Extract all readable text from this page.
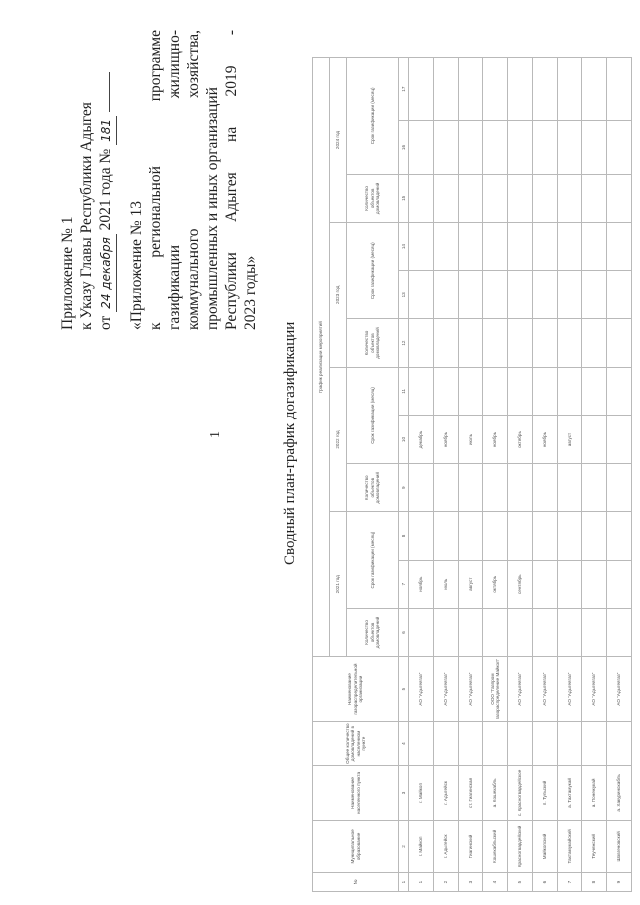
1
Приложение № 1 к Указу Главы Республики Адыгея от 24 декабря 2021 года № 181
«Приложение № 13 к региональной программе
газификации жилищно-
коммунального хозяйства,
промышленных и иных организаций Республики Адыгея на 2019 -
2023 годы»
Сводный план-график догазификации
№	Муниципальное образование	Наименование населенного пункта	Общее количество домовладений в населенном пункте	Наименование газораспределительной организации	График реализации мероприятий											
					2021 год			2022 год			2023 год			2024 год		
					Количество объектов домовладений	Срок газификации (месяц)		Количество объектов домовладений	Срок газификации (месяц)		Количество объектов домовладений	Срок газификации (месяц)		Количество объектов домовладений	Срок газификации (месяц)	
1	2	3	4	5	6	7	8	9	10	11	12	13	14	15	16	17
1	г. Майкоп	г. Майкоп		АО "Адыгеягаз"		ноябрь			декабрь							
2	г. Адыгейск	г. Адыгейск		АО "Адыгеягаз"		июль			ноябрь							
3	Гиагинский	ст. Гиагинская		АО "Адыгеягаз"		август			июль							
4	Кошехабльский	а. Кошехабль		ООО "Газпром газораспределение Майкоп"		октябрь			ноябрь							
5	Красногвардейский	с. Красногвардейское		АО "Адыгеягаз"		сентябрь			октябрь							
6	Майкопский	п. Тульский		АО "Адыгеягаз"					ноябрь							
7	Тахтамукайский	а. Тахтамукай		АО "Адыгеягаз"					август							
8	Теучежский	а. Понежукай		АО "Адыгеягаз"												
9	Шовгеновский	а. Хакуринохабль		АО "Адыгеягаз"												
